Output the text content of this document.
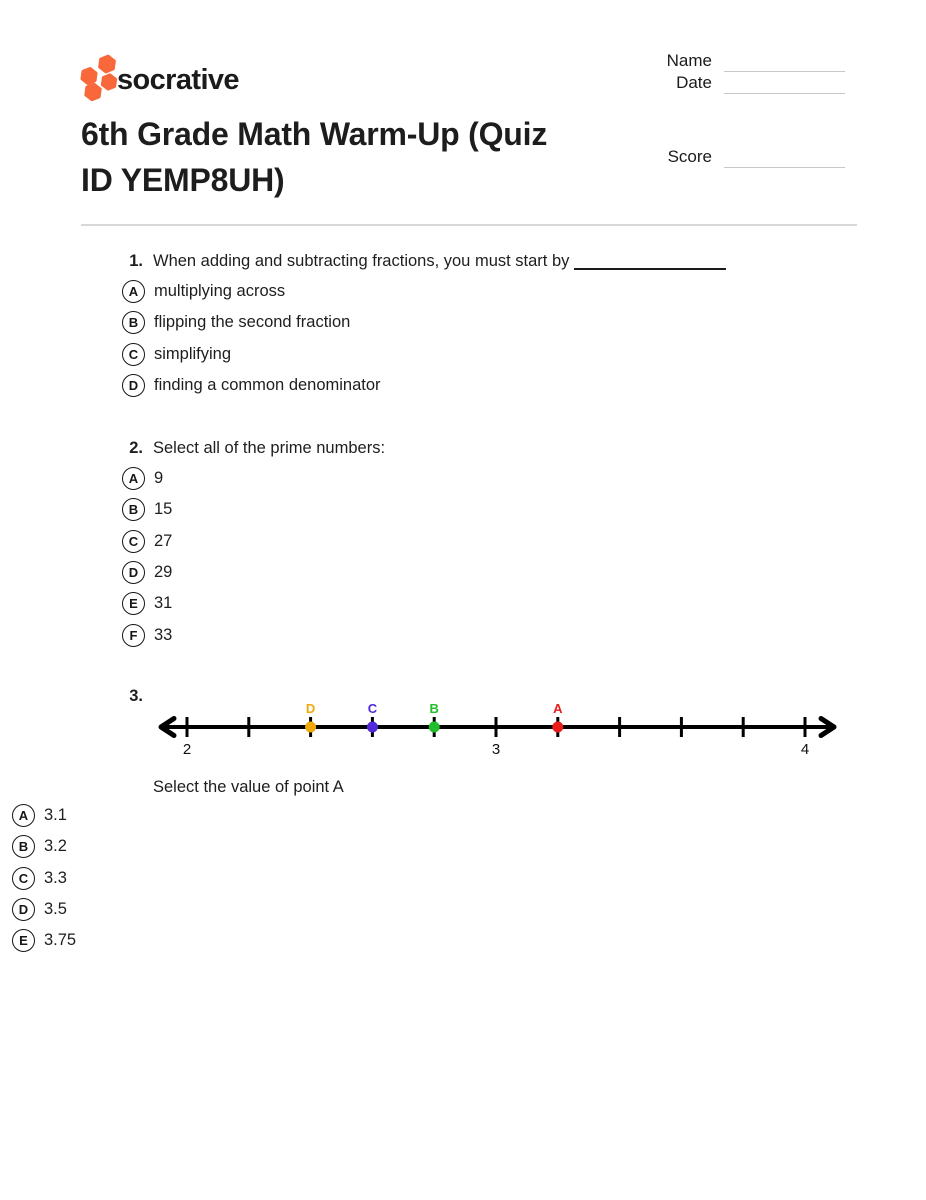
socrative
Name
Date
Score
6th Grade Math Warm-Up (Quiz ID YEMP8UH)
1. When adding and subtracting fractions, you must start by
A multiplying across
B flipping the second fraction
C simplifying
D finding a common denominator
2. Select all of the prime numbers:
A 9
B 15
C 27
D 29
E 31
F 33
3.
2	3	4
D	C	B	A
Select the value of point A
A 3.1
B 3.2
C 3.3
D 3.5
E 3.75
